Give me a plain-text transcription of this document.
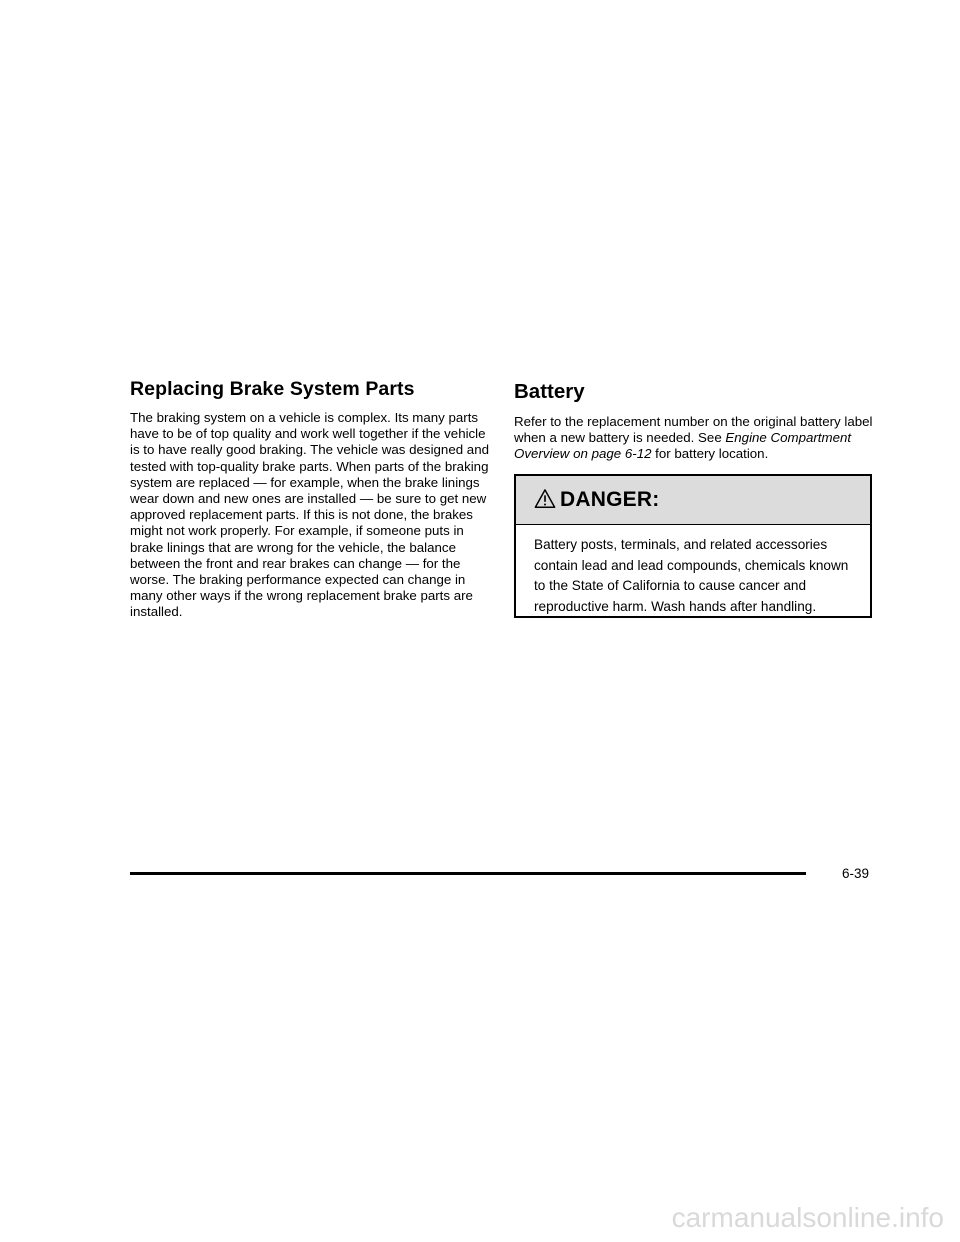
Replacing Brake System Parts

The braking system on a vehicle is complex. Its many parts have to be of top quality and work well together if the vehicle is to have really good braking. The vehicle was designed and tested with top-quality brake parts. When parts of the braking system are replaced — for example, when the brake linings wear down and new ones are installed — be sure to get new approved replacement parts. If this is not done, the brakes might not work properly. For example, if someone puts in brake linings that are wrong for the vehicle, the balance between the front and rear brakes can change — for the worse. The braking performance expected can change in many other ways if the wrong replacement brake parts are installed.

Battery

Refer to the replacement number on the original battery label when a new battery is needed. See Engine Compartment Overview on page 6-12 for battery location.

DANGER:
Battery posts, terminals, and related accessories contain lead and lead compounds, chemicals known to the State of California to cause cancer and reproductive harm. Wash hands after handling.
6-39
carmanualsonline.info
